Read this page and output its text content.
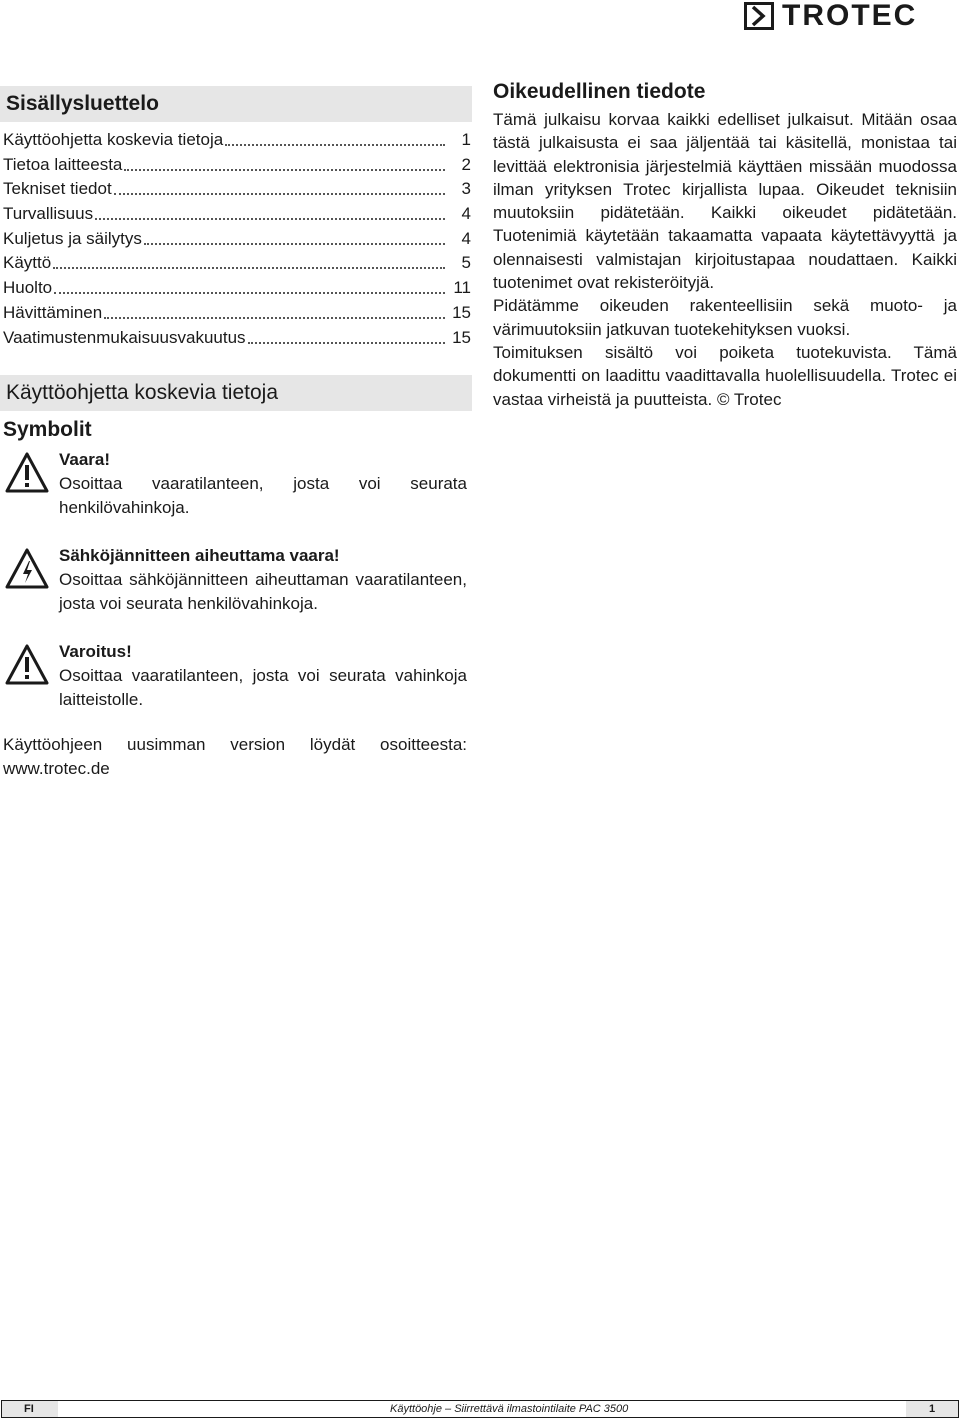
TROTEC
Sisällysluettelo
Käyttöohjetta koskevia tietoja	1
Tietoa laitteesta	2
Tekniset tiedot	3
Turvallisuus	4
Kuljetus ja säilytys	4
Käyttö	5
Huolto	11
Hävittäminen	15
Vaatimustenmukaisuusvakuutus	15
Käyttöohjetta koskevia tietoja
Symbolit
Vaara!
Osoittaa vaaratilanteen, josta voi seurata
henkilövahinkoja.
Sähköjännitteen aiheuttama vaara!
Osoittaa sähköjännitteen aiheuttaman vaaratilanteen,
josta voi seurata henkilövahinkoja.
Varoitus!
Osoittaa vaaratilanteen, josta voi seurata vahinkoja
laitteistolle.
Käyttöohjeen uusimman version löydät osoitteesta:
www.trotec.de
Oikeudellinen tiedote

Tämä julkaisu korvaa kaikki edelliset julkaisut. Mitään osaa tästä julkaisusta ei saa jäljentää tai käsitellä, monistaa tai levittää elektronisia järjestelmiä käyttäen missään muodossa ilman yrityksen Trotec kirjallista lupaa. Oikeudet teknisiin muutoksiin pidätetään. Kaikki oikeudet pidätetään. Tuotenimiä käytetään takaamatta vapaata käytettävyyttä ja olennaisesti valmistajan kirjoitustapaa noudattaen. Kaikki tuotenimet ovat rekisteröityjä.

Pidätämme oikeuden rakenteellisiin sekä muoto- ja värimuutoksiin jatkuvan tuotekehityksen vuoksi.

Toimituksen sisältö voi poiketa tuotekuvista. Tämä dokumentti on laadittu vaadittavalla huolellisuudella. Trotec ei vastaa virheistä ja puutteista. © Trotec

FI	Käyttöohje – Siirrettävä ilmastointilaite PAC 3500	1
